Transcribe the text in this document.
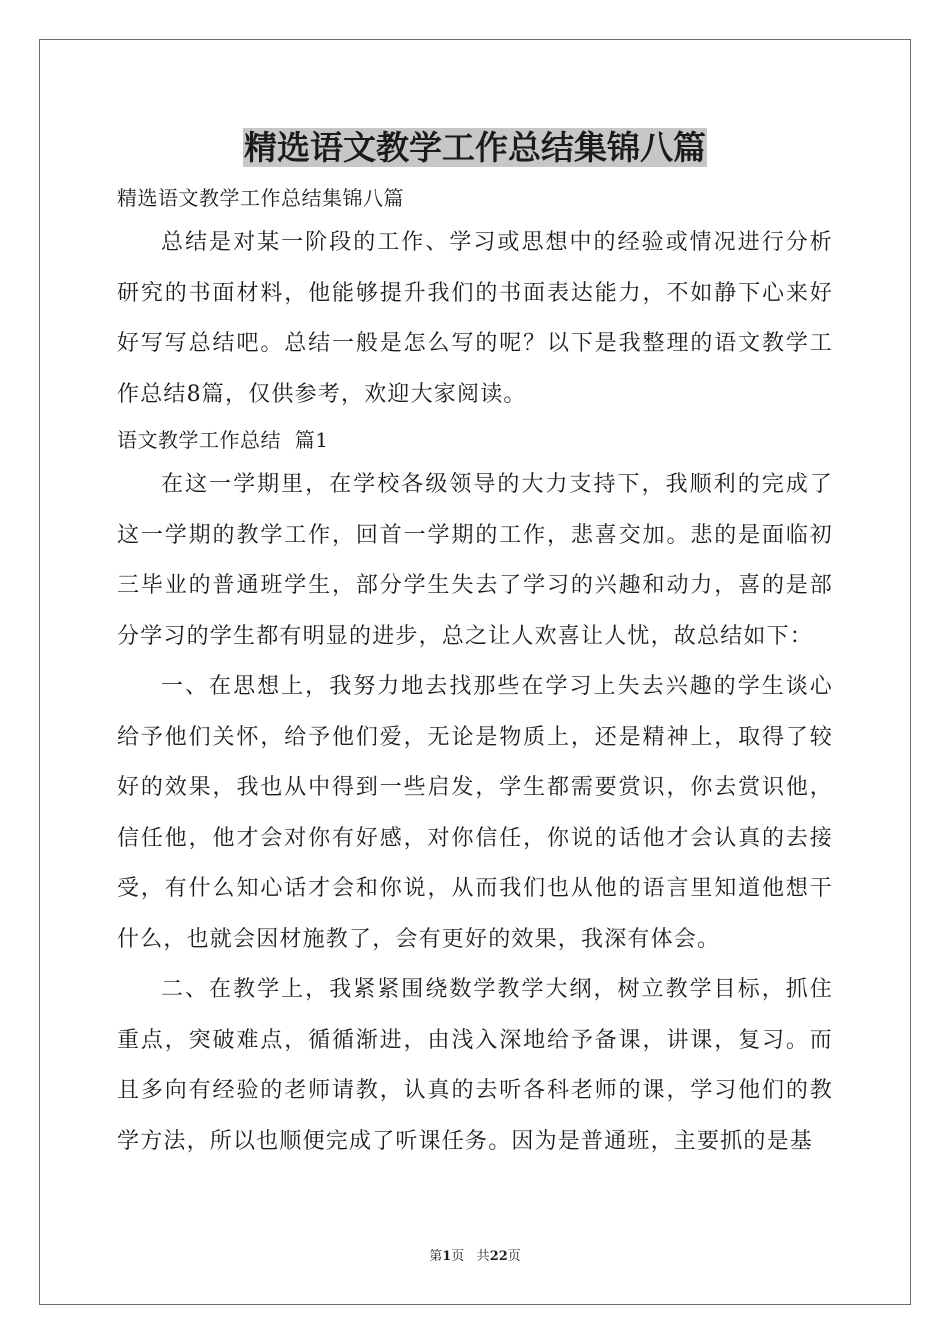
精选语文教学工作总结集锦八篇

精选语文教学工作总结集锦八篇

总结是对某一阶段的工作、学习或思想中的经验或情况进行分析研究的书面材料，他能够提升我们的书面表达能力，不如静下心来好好写写总结吧。总结一般是怎么写的呢？以下是我整理的语文教学工作总结8篇，仅供参考，欢迎大家阅读。

语文教学工作总结  篇1

在这一学期里，在学校各级领导的大力支持下，我顺利的完成了这一学期的教学工作，回首一学期的工作，悲喜交加。悲的是面临初三毕业的普通班学生，部分学生失去了学习的兴趣和动力，喜的是部分学习的学生都有明显的进步，总之让人欢喜让人忧，故总结如下：

一、在思想上，我努力地去找那些在学习上失去兴趣的学生谈心给予他们关怀，给予他们爱，无论是物质上，还是精神上，取得了较好的效果，我也从中得到一些启发，学生都需要赏识，你去赏识他，信任他，他才会对你有好感，对你信任，你说的话他才会认真的去接受，有什么知心话才会和你说，从而我们也从他的语言里知道他想干什么，也就会因材施教了，会有更好的效果，我深有体会。

二、在教学上，我紧紧围绕数学教学大纲，树立教学目标，抓住重点，突破难点，循循渐进，由浅入深地给予备课，讲课，复习。而且多向有经验的老师请教，认真的去听各科老师的课，学习他们的教学方法，所以也顺便完成了听课任务。因为是普通班，主要抓的是基

第1页 共22页
